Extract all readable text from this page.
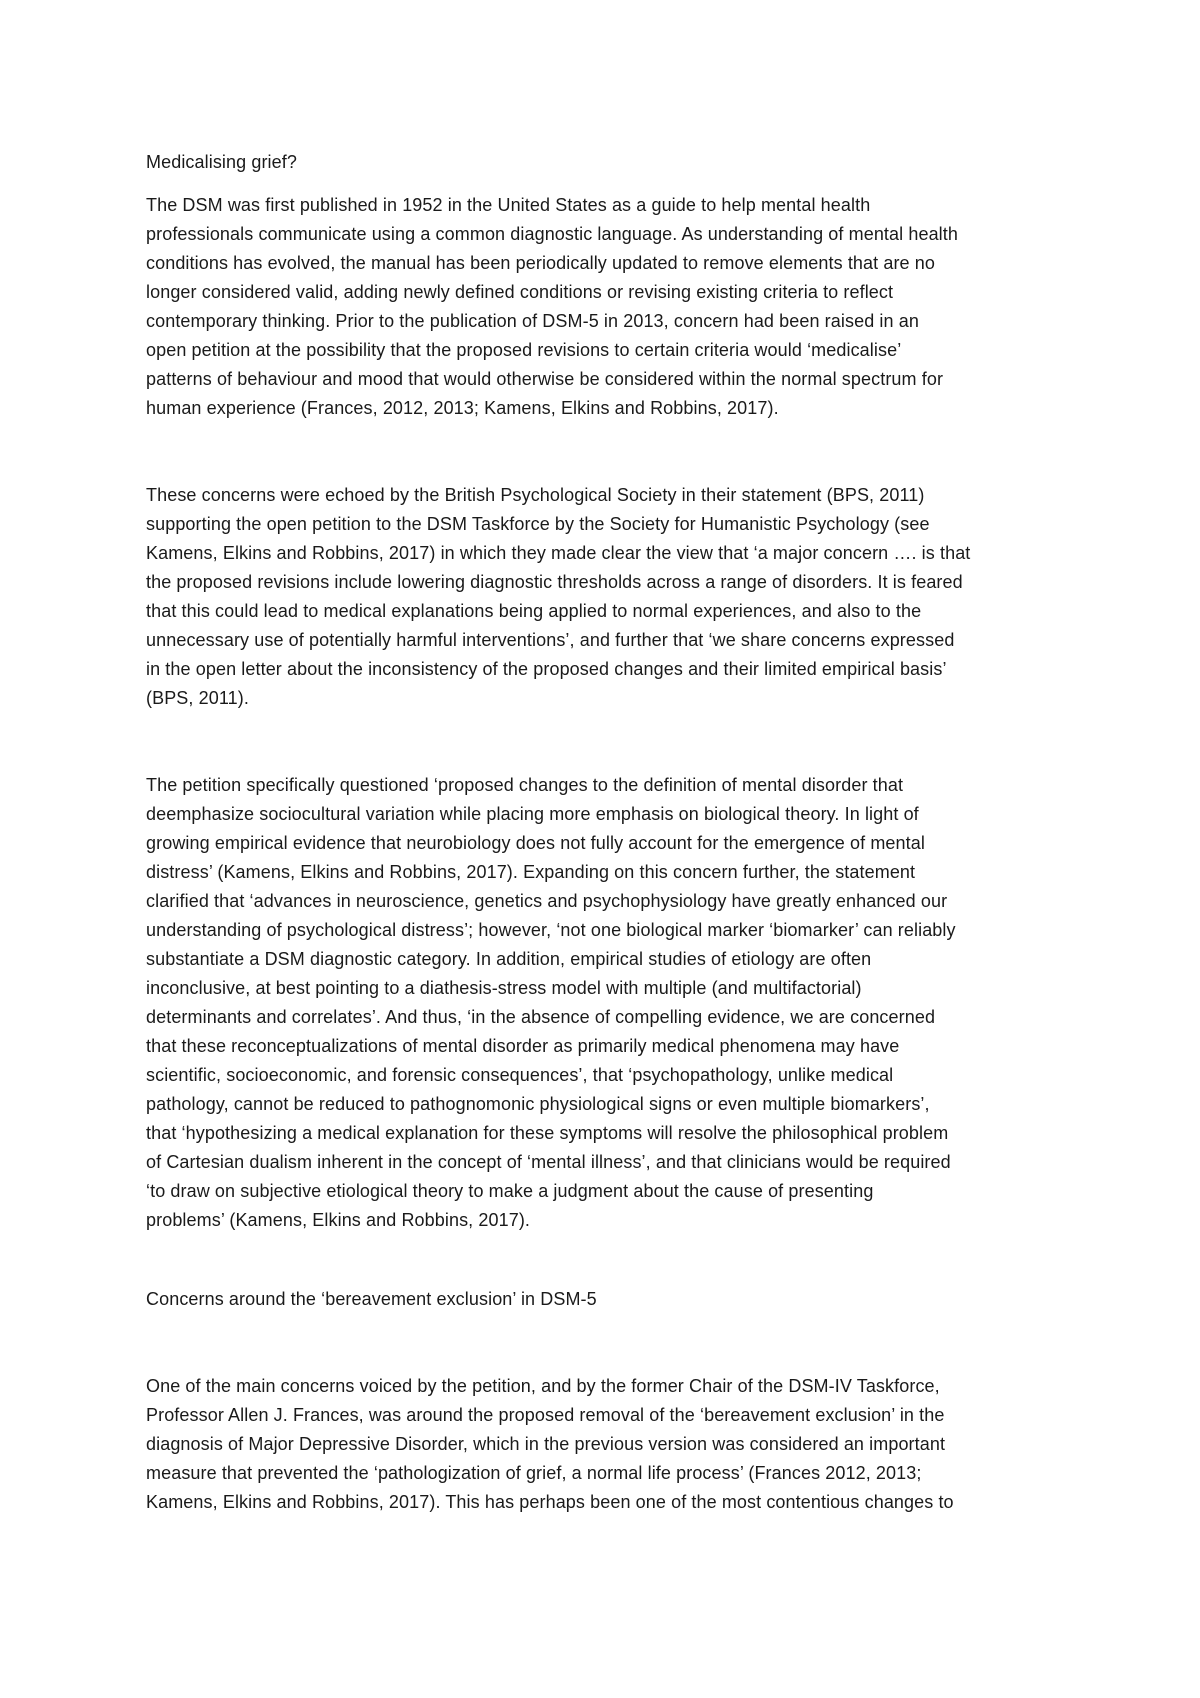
Medicalising grief?
The DSM was first published in 1952 in the United States as a guide to help mental health
professionals communicate using a common diagnostic language. As understanding of mental health
conditions has evolved, the manual has been periodically updated to remove elements that are no
longer considered valid, adding newly defined conditions or revising existing criteria to reflect
contemporary thinking. Prior to the publication of DSM-5 in 2013, concern had been raised in an
open petition at the possibility that the proposed revisions to certain criteria would ‘medicalise’
patterns of behaviour and mood that would otherwise be considered within the normal spectrum for
human experience (Frances, 2012, 2013; Kamens, Elkins and Robbins, 2017).
These concerns were echoed by the British Psychological Society in their statement (BPS, 2011)
supporting the open petition to the DSM Taskforce by the Society for Humanistic Psychology (see
Kamens, Elkins and Robbins, 2017) in which they made clear the view that ‘a major concern …. is that
the proposed revisions include lowering diagnostic thresholds across a range of disorders. It is feared
that this could lead to medical explanations being applied to normal experiences, and also to the
unnecessary use of potentially harmful interventions’, and further that ‘we share concerns expressed
in the open letter about the inconsistency of the proposed changes and their limited empirical basis’
(BPS, 2011).
The petition specifically questioned ‘proposed changes to the definition of mental disorder that
deemphasize sociocultural variation while placing more emphasis on biological theory. In light of
growing empirical evidence that neurobiology does not fully account for the emergence of mental
distress’ (Kamens, Elkins and Robbins, 2017). Expanding on this concern further, the statement
clarified that ‘advances in neuroscience, genetics and psychophysiology have greatly enhanced our
understanding of psychological distress’; however, ‘not one biological marker ‘biomarker’ can reliably
substantiate a DSM diagnostic category. In addition, empirical studies of etiology are often
inconclusive, at best pointing to a diathesis-stress model with multiple (and multifactorial)
determinants and correlates’. And thus, ‘in the absence of compelling evidence, we are concerned
that these reconceptualizations of mental disorder as primarily medical phenomena may have
scientific, socioeconomic, and forensic consequences’, that ‘psychopathology, unlike medical
pathology, cannot be reduced to pathognomonic physiological signs or even multiple biomarkers’,
that ‘hypothesizing a medical explanation for these symptoms will resolve the philosophical problem
of Cartesian dualism inherent in the concept of ‘mental illness’, and that clinicians would be required
‘to draw on subjective etiological theory to make a judgment about the cause of presenting
problems’ (Kamens, Elkins and Robbins, 2017).
Concerns around the ‘bereavement exclusion’ in DSM-5
One of the main concerns voiced by the petition, and by the former Chair of the DSM-IV Taskforce,
Professor Allen J. Frances, was around the proposed removal of the ‘bereavement exclusion’ in the
diagnosis of Major Depressive Disorder, which in the previous version was considered an important
measure that prevented the ‘pathologization of grief, a normal life process’ (Frances 2012, 2013;
Kamens, Elkins and Robbins, 2017). This has perhaps been one of the most contentious changes to
